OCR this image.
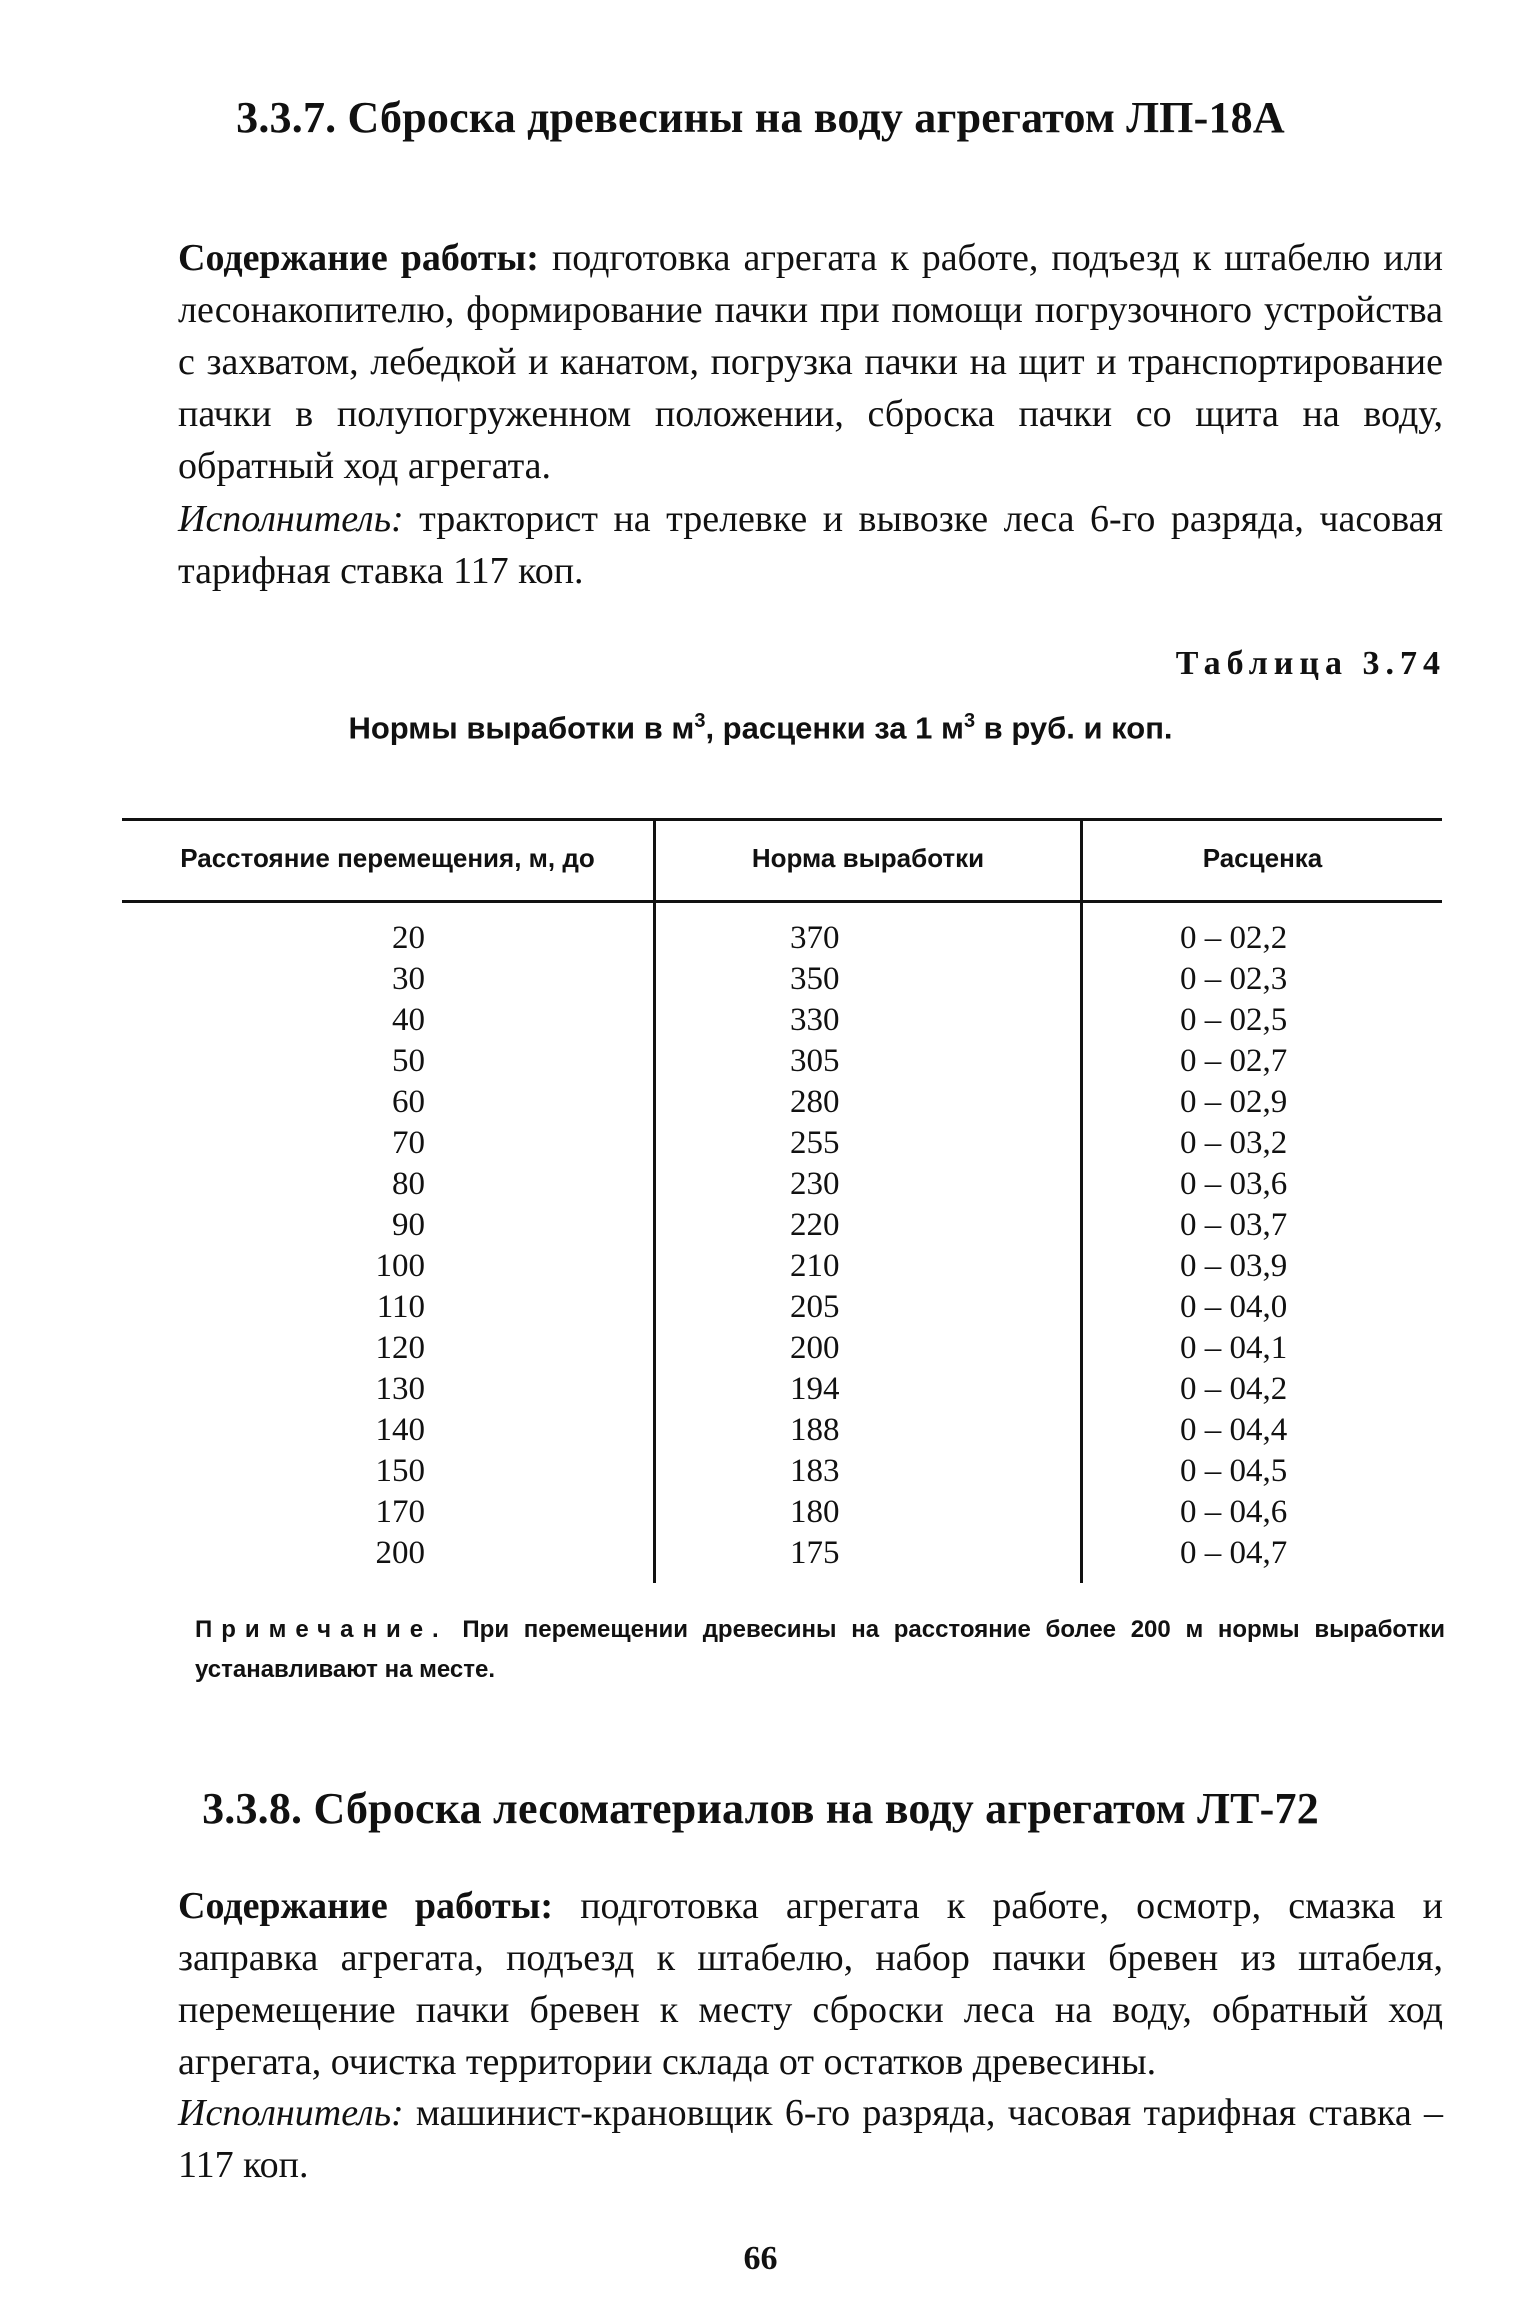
3.3.7. Сброска древесины на воду агрегатом ЛП-18А

Содержание работы: подготовка агрегата к работе, подъезд к штабелю или лесонакопителю, формирование пачки при помощи погрузочного устройства с захватом, лебедкой и канатом, погрузка пачки на щит и транспортирование пачки в полупогруженном положении, сброска пачки со щита на воду, обратный ход агрегата.

Исполнитель: тракторист на трелевке и вывозке леса 6-го разряда, часовая тарифная ставка 117 коп.

Таблица 3.74
Нормы выработки в $м^3$, расценки за 1 $м^3$ в руб. и коп.
Расстояние перемещения, м, до	Норма выработки	Расценка
20
30
40
50
60
70
80
90
100
110
120
130
140
150
170
200
370
350
330
305
280
255
230
220
210
205
200
194
188
183
180
175
0 – 02,2
0 – 02,3
0 – 02,5
0 – 02,7
0 – 02,9
0 – 03,2
0 – 03,6
0 – 03,7
0 – 03,9
0 – 04,0
0 – 04,1
0 – 04,2
0 – 04,4
0 – 04,5
0 – 04,6
0 – 04,7

Примечание. При перемещении древесины на расстояние более 200 м нормы выработки устанавливают на месте.

3.3.8. Сброска лесоматериалов на воду агрегатом ЛТ-72

Содержание работы: подготовка агрегата к работе, осмотр, смазка и заправка агрегата, подъезд к штабелю, набор пачки бревен из штабеля, перемещение пачки бревен к месту сброски леса на воду, обратный ход агрегата, очистка территории склада от остатков древесины.

Исполнитель: машинист-крановщик 6-го разряда, часовая тарифная ставка – 117 коп.

66
